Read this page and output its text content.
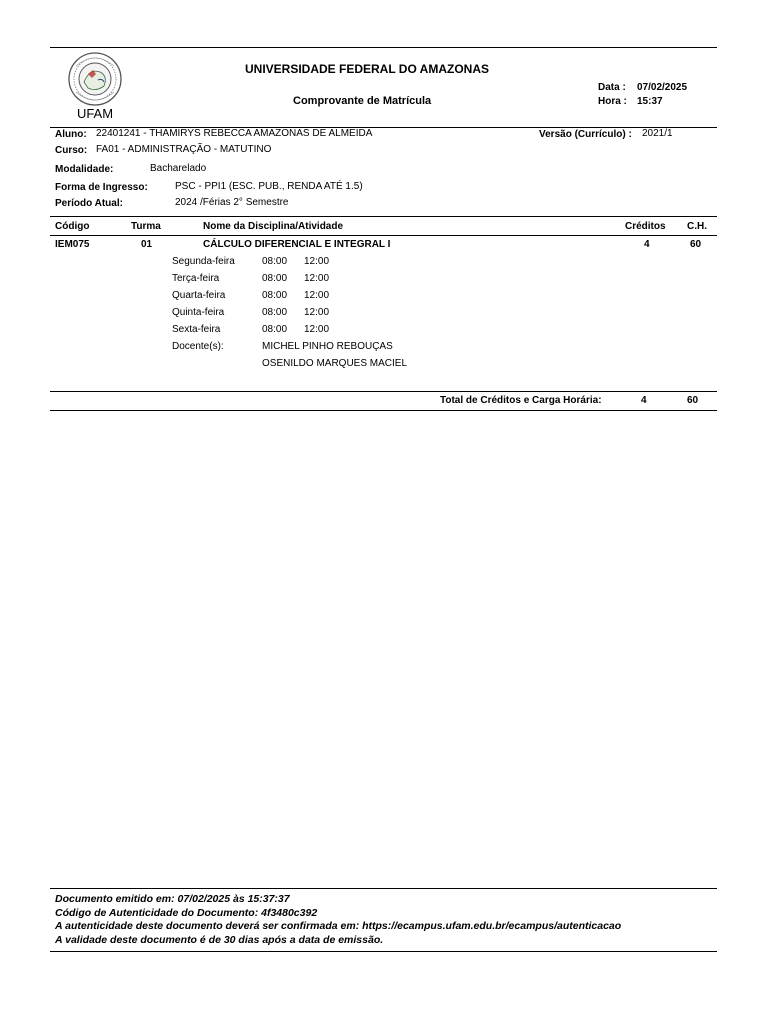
UFAM
UNIVERSIDADE FEDERAL DO AMAZONAS
Comprovante de Matrícula
Data : 07/02/2025
Hora : 15:37
Aluno: 22401241 - THAMIRYS REBECCA AMAZONAS DE ALMEIDA	Versão (Currículo) : 2021/1
Curso: FA01 - ADMINISTRAÇÃO - MATUTINO
Modalidade:	Bacharelado
Forma de Ingresso:	PSC - PPI1 (ESC. PUB., RENDA ATÉ 1.5)
Período Atual:	2024 /Férias 2° Semestre
Código	Turma	Nome da Disciplina/Atividade	Créditos C.H.
IEM075	01	CÁLCULO DIFERENCIAL E INTEGRAL I	4	60
Segunda-feira	08:00 12:00
Terça-feira	08:00 12:00
Quarta-feira	08:00 12:00
Quinta-feira	08:00 12:00
Sexta-feira	08:00 12:00
Docente(s):	MICHEL PINHO REBOUÇAS
OSENILDO MARQUES MACIEL
Total de Créditos e Carga Horária:	4	60
Documento emitido em: 07/02/2025 às 15:37:37
Código de Autenticidade do Documento: 4f3480c392
A autenticidade deste documento deverá ser confirmada em: https://ecampus.ufam.edu.br/ecampus/autenticacao
A validade deste documento é de 30 dias após a data de emissão.
